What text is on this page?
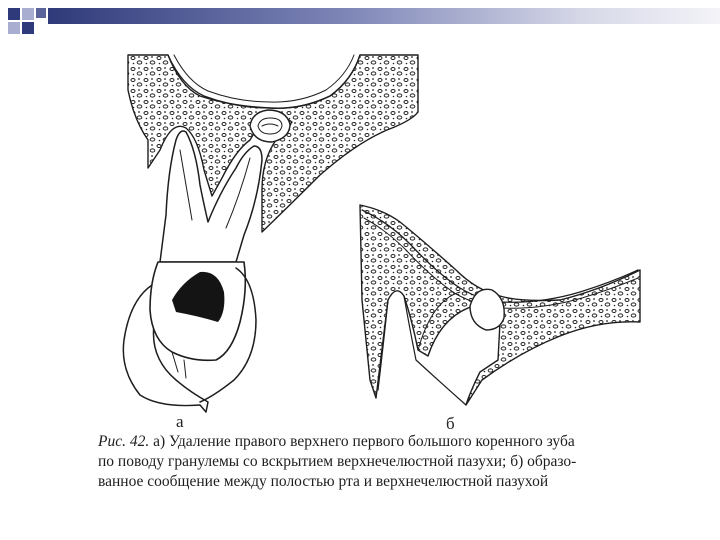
а	б
Рис. 42. а) Удаление правого верхнего первого большого коренного зуба
по поводу гранулемы со вскрытием верхнечелюстной пазухи; б) образо-
ванное сообщение между полостью рта и верхнечелюстной пазухой
